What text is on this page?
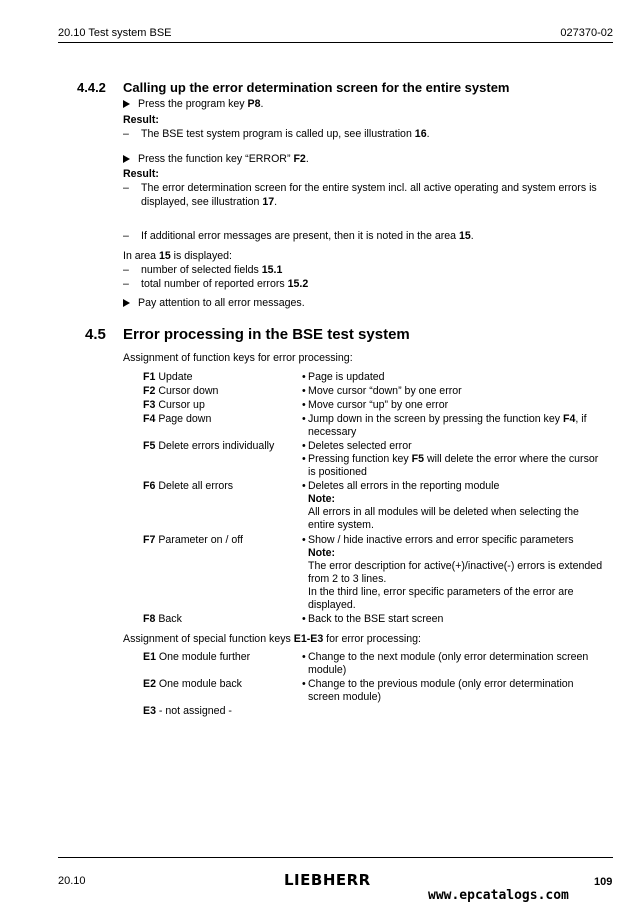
20.10 Test system BSE	027370-02
4.4.2 Calling up the error determination screen for the entire system
Press the program key P8.
Result:
– The BSE test system program is called up, see illustration 16.
Press the function key “ERROR” F2.
Result:
– The error determination screen for the entire system incl. all active operating and system errors is
displayed, see illustration 17.
– If additional error messages are present, then it is noted in the area 15.
In area 15 is displayed:
– number of selected fields 15.1
– total number of reported errors 15.2
Pay attention to all error messages.
4.5 Error processing in the BSE test system
Assignment of function keys for error processing:
F1 Update	• Page is updated
F2 Cursor down	• Move cursor “down” by one error
F3 Cursor up	• Move cursor “up” by one error
F4 Page down	• Jump down in the screen by pressing the function key F4, if
necessary
F5 Delete errors individually	• Deletes selected error
• Pressing function key F5 will delete the error where the cursor
is positioned
F6 Delete all errors	• Deletes all errors in the reporting module
Note:
All errors in all modules will be deleted when selecting the
entire system.
F7 Parameter on / off	• Show / hide inactive errors and error specific parameters
Note:
The error description for active(+)/inactive(-) errors is extended
from 2 to 3 lines.
In the third line, error specific parameters of the error are
displayed.
F8 Back	• Back to the BSE start screen
Assignment of special function keys E1-E3 for error processing:
E1 One module further	• Change to the next module (only error determination screen
module)
E2 One module back	• Change to the previous module (only error determination
screen module)
E3 - not assigned -
20.10	LIEBHERR
www.epcatalogs.com
109
